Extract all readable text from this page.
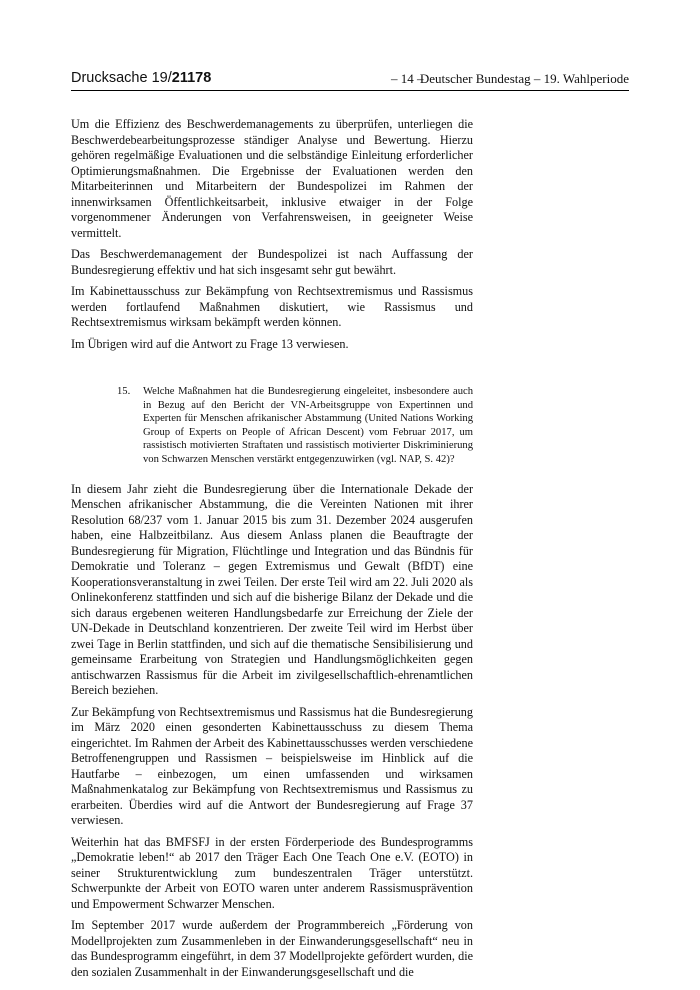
Drucksache 19/21178	– 14 –
Deutscher Bundestag – 19. Wahlperiode

Um die Effizienz des Beschwerdemanagements zu überprüfen, unterliegen die Beschwerdebearbeitungsprozesse ständiger Analyse und Bewertung. Hierzu gehören regelmäßige Evaluationen und die selbständige Einleitung erforderlicher Optimierungsmaßnahmen. Die Ergebnisse der Evaluationen werden den Mitarbeiterinnen und Mitarbeitern der Bundespolizei im Rahmen der innenwirksamen Öffentlichkeitsarbeit, inklusive etwaiger in der Folge vorgenommener Änderungen von Verfahrensweisen, in geeigneter Weise vermittelt.

Das Beschwerdemanagement der Bundespolizei ist nach Auffassung der Bundesregierung effektiv und hat sich insgesamt sehr gut bewährt.

Im Kabinettausschuss zur Bekämpfung von Rechtsextremismus und Rassismus werden fortlaufend Maßnahmen diskutiert, wie Rassismus und Rechtsextremismus wirksam bekämpft werden können.

Im Übrigen wird auf die Antwort zu Frage 13 verwiesen.

15.	Welche Maßnahmen hat die Bundesregierung eingeleitet, insbesondere auch in Bezug auf den Bericht der VN-Arbeitsgruppe von Expertinnen und Experten für Menschen afrikanischer Abstammung (United Nations Working Group of Experts on People of African Descent) vom Februar 2017, um rassistisch motivierten Straftaten und rassistisch motivierter Diskriminierung von Schwarzen Menschen verstärkt entgegenzuwirken (vgl. NAP, S. 42)?

In diesem Jahr zieht die Bundesregierung über die Internationale Dekade der Menschen afrikanischer Abstammung, die die Vereinten Nationen mit ihrer Resolution 68/237 vom 1. Januar 2015 bis zum 31. Dezember 2024 ausgerufen haben, eine Halbzeitbilanz. Aus diesem Anlass planen die Beauftragte der Bundesregierung für Migration, Flüchtlinge und Integration und das Bündnis für Demokratie und Toleranz – gegen Extremismus und Gewalt (BfDT) eine Kooperationsveranstaltung in zwei Teilen. Der erste Teil wird am 22. Juli 2020 als Onlinekonferenz stattfinden und sich auf die bisherige Bilanz der Dekade und die sich daraus ergebenen weiteren Handlungsbedarfe zur Erreichung der Ziele der UN-Dekade in Deutschland konzentrieren. Der zweite Teil wird im Herbst über zwei Tage in Berlin stattfinden, und sich auf die thematische Sensibilisierung und gemeinsame Erarbeitung von Strategien und Handlungsmöglichkeiten gegen antischwarzen Rassismus für die Arbeit im zivilgesellschaftlich-ehrenamtlichen Bereich beziehen.

Zur Bekämpfung von Rechtsextremismus und Rassismus hat die Bundesregierung im März 2020 einen gesonderten Kabinettausschuss zu diesem Thema eingerichtet. Im Rahmen der Arbeit des Kabinettausschusses werden verschiedene Betroffenengruppen und Rassismen – beispielsweise im Hinblick auf die Hautfarbe – einbezogen, um einen umfassenden und wirksamen Maßnahmenkatalog zur Bekämpfung von Rechtsextremismus und Rassismus zu erarbeiten. Überdies wird auf die Antwort der Bundesregierung auf Frage 37 verwiesen.

Weiterhin hat das BMFSFJ in der ersten Förderperiode des Bundesprogramms „Demokratie leben!“ ab 2017 den Träger Each One Teach One e.V. (EOTO) in seiner Strukturentwicklung zum bundeszentralen Träger unterstützt. Schwerpunkte der Arbeit von EOTO waren unter anderem Rassismusprävention und Empowerment Schwarzer Menschen.

Im September 2017 wurde außerdem der Programmbereich „Förderung von Modellprojekten zum Zusammenleben in der Einwanderungsgesellschaft“ neu in das Bundesprogramm eingeführt, in dem 37 Modellprojekte gefördert wurden, die den sozialen Zusammenhalt in der Einwanderungsgesellschaft und die
